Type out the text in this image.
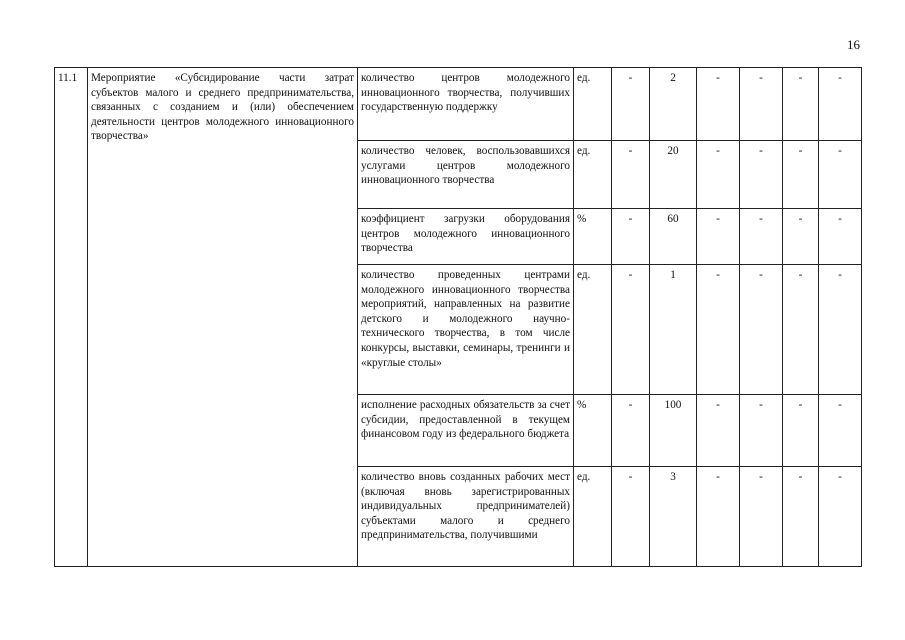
16
11.1	Мероприятие «Субсидирование части затрат субъектов малого и среднего предпринимательства, связанных с созданием и (или) обеспечением деятельности центров молодежного инновационного творчества»	количество центров молодежного инновационного творчества, получивших государственную поддержку	ед.	-	2	-	-	-	-
		количество человек, воспользовавшихся услугами центров молодежного инновационного творчества	ед.	-	20	-	-	-	-
		коэффициент загрузки оборудования центров молодежного инновационного творчества	%	-	60	-	-	-	-
		количество проведенных центрами молодежного инновационного творчества мероприятий, направленных на развитие детского и молодежного научно-технического творчества, в том числе конкурсы, выставки, семинары, тренинги и «круглые столы»	ед.	-	1	-	-	-	-
		исполнение расходных обязательств за счет субсидии, предоставленной в текущем финансовом году из федерального бюджета	%	-	100	-	-	-	-
		количество вновь созданных рабочих мест (включая вновь зарегистрированных индивидуальных предпринимателей) субъектами малого и среднего предпринимательства, получившими	ед.	-	3	-	-	-	-
